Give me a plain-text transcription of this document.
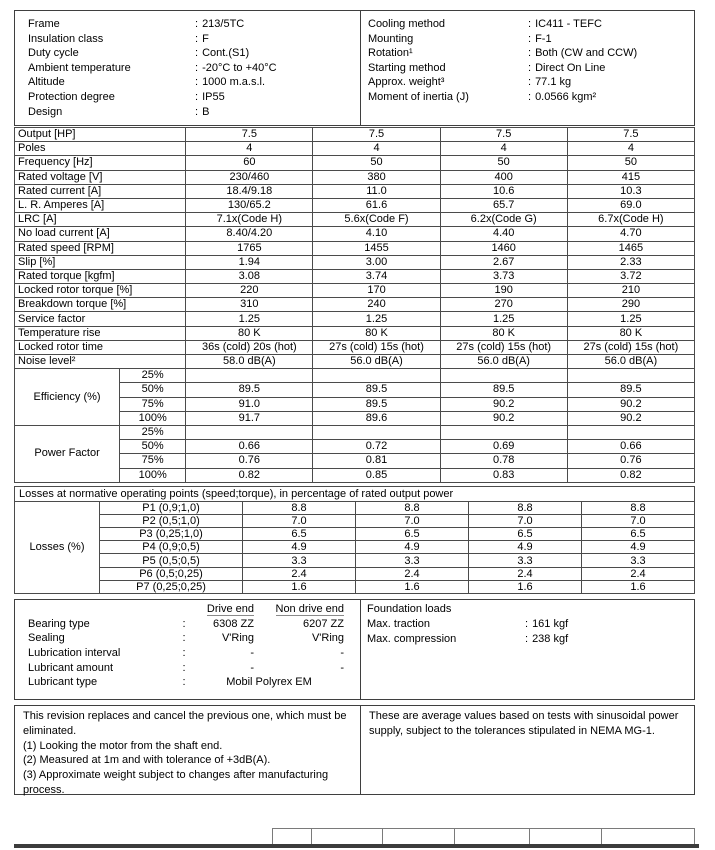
Frame	: 213/5TC
Insulation class	: F
Duty cycle	: Cont.(S1)
Ambient temperature	: -20°C to +40°C
Altitude	: 1000 m.a.s.l.
Protection degree	: IP55
Design	: B
Cooling method	: IC411 - TEFC
Mounting	: F-1
Rotation¹	: Both (CW and CCW)
Starting method	: Direct On Line
Approx. weight³	: 77.1 kg
Moment of inertia (J)	: 0.0566 kgm²
Output [HP]		7.5	7.5	7.5	7.5
Poles		4	4	4	4
Frequency [Hz]		60	50	50	50
Rated voltage [V]		230/460	380	400	415
Rated current [A]		18.4/9.18	11.0	10.6	10.3
L. R. Amperes [A]		130/65.2	61.6	65.7	69.0
LRC [A]		7.1x(Code H)	5.6x(Code F)	6.2x(Code G)	6.7x(Code H)
No load current [A]		8.40/4.20	4.10	4.40	4.70
Rated speed [RPM]		1765	1455	1460	1465
Slip [%]		1.94	3.00	2.67	2.33
Rated torque [kgfm]		3.08	3.74	3.73	3.72
Locked rotor torque [%]		220	170	190	210
Breakdown torque [%]		310	240	270	290
Service factor		1.25	1.25	1.25	1.25
Temperature rise		80 K	80 K	80 K	80 K
Locked rotor time		36s (cold) 20s (hot)	27s (cold) 15s (hot)	27s (cold) 15s (hot)	27s (cold) 15s (hot)
Noise level²		58.0 dB(A)	56.0 dB(A)	56.0 dB(A)	56.0 dB(A)
Efficiency (%)	25%				
	50%	89.5	89.5	89.5	89.5
	75%	91.0	89.5	90.2	90.2
	100%	91.7	89.6	90.2	90.2
Power Factor	25%				
	50%	0.66	0.72	0.69	0.66
	75%	0.76	0.81	0.78	0.76
	100%	0.82	0.85	0.83	0.82
Losses at normative operating points (speed;torque), in percentage of rated output power					
Losses (%)	P1 (0,9;1,0)	8.8	8.8	8.8	8.8
	P2 (0,5;1,0)	7.0	7.0	7.0	7.0
	P3 (0,25;1,0)	6.5	6.5	6.5	6.5
	P4 (0,9;0,5)	4.9	4.9	4.9	4.9
	P5 (0,5;0,5)	3.3	3.3	3.3	3.3
	P6 (0,5;0,25)	2.4	2.4	2.4	2.4
	P7 (0,25;0,25)	1.6	1.6	1.6	1.6
		Drive end	Non drive end
Bearing type	:	6308 ZZ	6207 ZZ
Sealing	:	V'Ring	V'Ring
Lubrication interval	:	-	-
Lubricant amount	:	-	-
Lubricant type	:	Mobil Polyrex EM	
Foundation loads
Max. traction	: 161 kgf
Max. compression	: 238 kgf
This revision replaces and cancel the previous one, which must be eliminated.
(1) Looking the motor from the shaft end.
(2) Measured at 1m and with tolerance of +3dB(A).
(3) Approximate weight subject to changes after manufacturing process.
These are average values based on tests with sinusoidal power supply, subject to the tolerances stipulated in NEMA MG-1.
